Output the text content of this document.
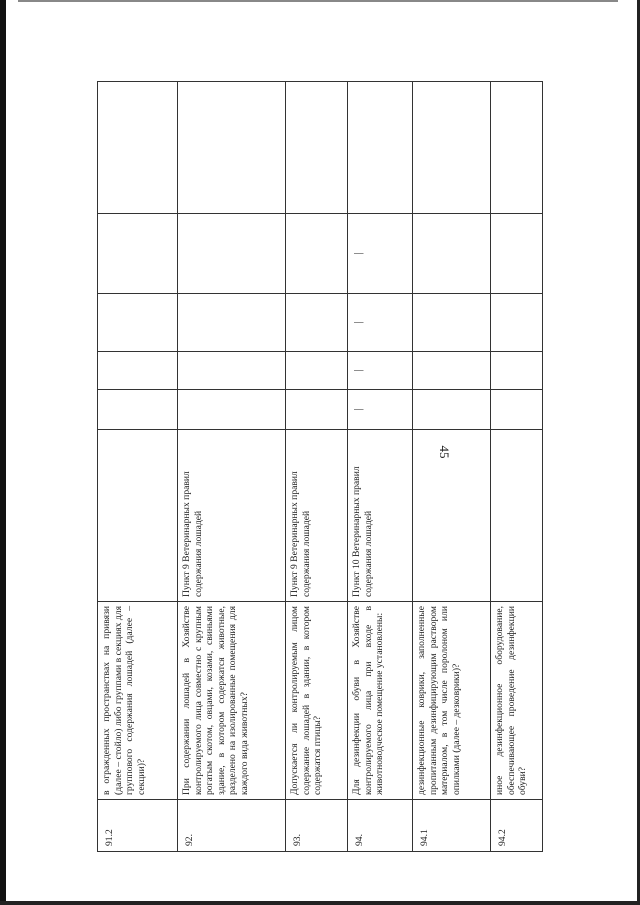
45
91.2	в огражденных пространствах на привязи (далее – стойло) либо группами в секциях для группового содержания лошадей (далее – секции)?						
92.	При содержании лошадей в Хозяйстве контролируемого лица совместно с крупным рогатым скотом, овцами, козами, свиньями здание, в котором содержатся животные, разделено на изолированные помещения для каждого вида животных?	Пункт 9 Ветеринарных правил содержания лошадей					
93.	Допускается ли контролируемым лицом содержание лошадей в здании, в котором содержатся птицы?	Пункт 9 Ветеринарных правил содержания лошадей					
94.	Для дезинфекции обуви в Хозяйстве контролируемого лица при входе в животноводческое помещение установлены:	Пункт 10 Ветеринарных правил содержания лошадей	|	|	|	|	
94.1	дезинфекционные коврики, заполненные пропитанным дезинфицирующим раствором материалом, в том числе поролоном или опилками (далее – дезковрики)?						
94.2	иное дезинфекционное оборудование, обеспечивающее проведение дезинфекции обуви?						
